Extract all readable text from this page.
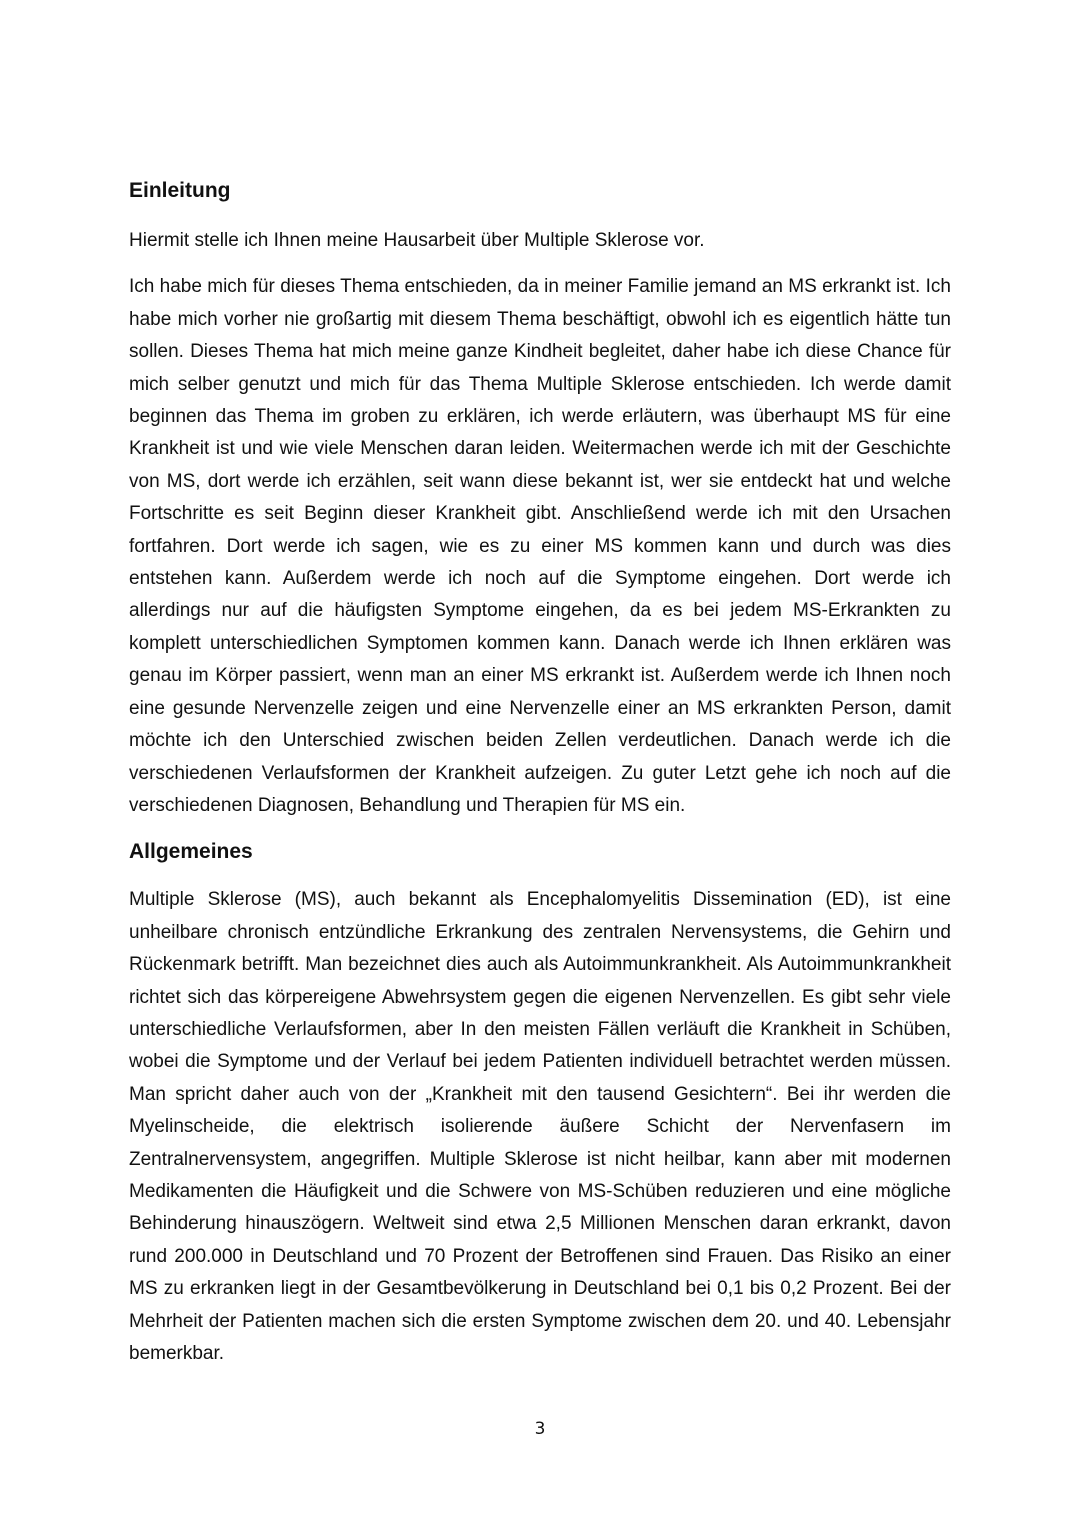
Einleitung

Hiermit stelle ich Ihnen meine Hausarbeit über Multiple Sklerose vor.

Ich habe mich für dieses Thema entschieden, da in meiner Familie jemand an MS erkrankt ist. Ich habe mich vorher nie großartig mit diesem Thema beschäftigt, obwohl ich es eigentlich hätte tun sollen. Dieses Thema hat mich meine ganze Kindheit begleitet, daher habe ich diese Chance für mich selber genutzt und mich für das Thema Multiple Sklerose entschieden. Ich werde damit beginnen das Thema im groben zu erklären, ich werde erläutern, was überhaupt MS für eine Krankheit ist und wie viele Menschen daran leiden. Weitermachen werde ich mit der Geschichte von MS, dort werde ich erzählen, seit wann diese bekannt ist, wer sie entdeckt hat und welche Fortschritte es seit Beginn dieser Krankheit gibt. Anschließend werde ich mit den Ursachen fortfahren. Dort werde ich sagen, wie es zu einer MS kommen kann und durch was dies entstehen kann. Außerdem werde ich noch auf die Symptome eingehen. Dort werde ich allerdings nur auf die häufigsten Symptome eingehen, da es bei jedem MS-Erkrankten zu komplett unterschiedlichen Symptomen kommen kann. Danach werde ich Ihnen erklären was genau im Körper passiert, wenn man an einer MS erkrankt ist. Außerdem werde ich Ihnen noch eine gesunde Nervenzelle zeigen und eine Nervenzelle einer an MS erkrankten Person, damit möchte ich den Unterschied zwischen beiden Zellen verdeutlichen. Danach werde ich die verschiedenen Verlaufsformen der Krankheit aufzeigen. Zu guter Letzt gehe ich noch auf die verschiedenen Diagnosen, Behandlung und Therapien für MS ein.

Allgemeines

Multiple Sklerose (MS), auch bekannt als Encephalomyelitis Dissemination (ED), ist eine unheilbare chronisch entzündliche Erkrankung des zentralen Nervensystems, die Gehirn und Rückenmark betrifft. Man bezeichnet dies auch als Autoimmunkrankheit. Als Autoimmunkrankheit richtet sich das körpereigene Abwehrsystem gegen die eigenen Nervenzellen. Es gibt sehr viele unterschiedliche Verlaufsformen, aber In den meisten Fällen verläuft die Krankheit in Schüben, wobei die Symptome und der Verlauf bei jedem Patienten individuell betrachtet werden müssen. Man spricht daher auch von der „Krankheit mit den tausend Gesichtern“. Bei ihr werden die Myelinscheide, die elektrisch isolierende äußere Schicht der Nervenfasern im Zentralnervensystem, angegriffen. Multiple Sklerose ist nicht heilbar, kann aber mit modernen Medikamenten die Häufigkeit und die Schwere von MS-Schüben reduzieren und eine mögliche Behinderung hinauszögern. Weltweit sind etwa 2,5 Millionen Menschen daran erkrankt, davon rund 200.000 in Deutschland und 70 Prozent der Betroffenen sind Frauen. Das Risiko an einer MS zu erkranken liegt in der Gesamtbevölkerung in Deutschland bei 0,1 bis 0,2 Prozent. Bei der Mehrheit der Patienten machen sich die ersten Symptome zwischen dem 20. und 40. Lebensjahr bemerkbar.

3
